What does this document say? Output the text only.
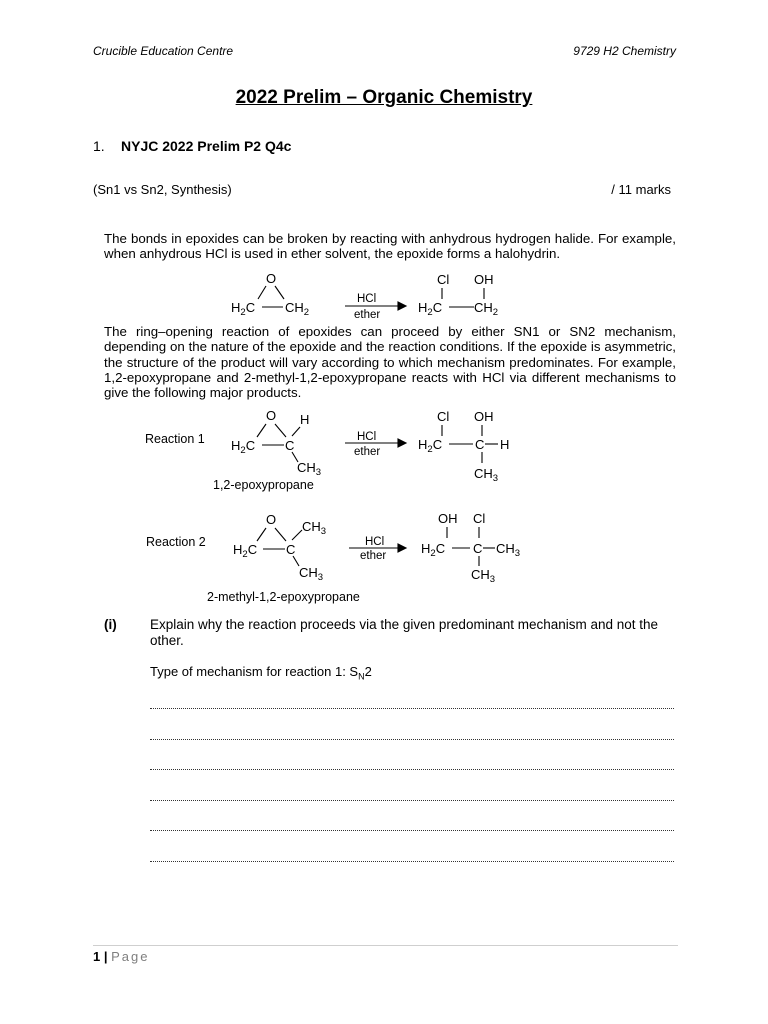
Crucible Education Centre	9729 H2 Chemistry
2022 Prelim – Organic Chemistry
1. NYJC 2022 Prelim P2 Q4c
(Sn1 vs Sn2, Synthesis)	/ 11 marks
The bonds in epoxides can be broken by reacting with anhydrous hydrogen halide. For example, when anhydrous HCl is used in ether solvent, the epoxide forms a halohydrin.
The ring–opening reaction of epoxides can proceed by either SN1 or SN2 mechanism, depending on the nature of the epoxide and the reaction conditions. If the epoxide is asymmetric, the structure of the product will vary according to which mechanism predominates. For example, 1,2-epoxypropane and 2-methyl-1,2-epoxypropane reacts with HCl via different mechanisms to give the following major products.
Reaction 1
Reaction 2
1,2-epoxypropane
2-methyl-1,2-epoxypropane
O
$H_2C$ $CH_2$
HCl
ether
Cl OH
$H_2C$ $CH_2$
O H
$H_2C$ C
$CH_3$
HCl
ether
Cl OH
$H_2C$	C H
$CH_3$
O $CH_3$
$H_2C$ C
$CH_3$
HCl
ether
OH Cl
$H_2C$ C $CH_3$
$CH_3$
(i) Explain why the reaction proceeds via the given predominant mechanism and not the other.
Type of mechanism for reaction 1: $S_N2$
1 | Page
